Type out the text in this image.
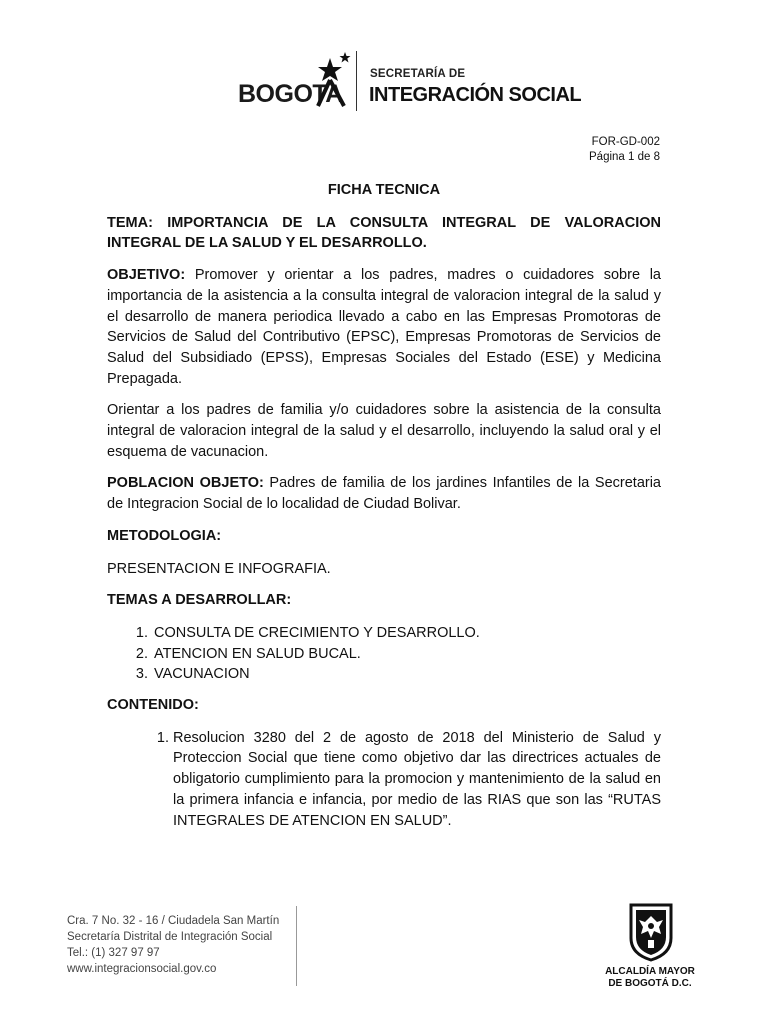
BOGOTA
SECRETARÍA DE
INTEGRACIÓN SOCIAL
FOR-GD-002
Página 1 de 8

FICHA TECNICA

TEMA: IMPORTANCIA DE LA CONSULTA INTEGRAL DE VALORACION INTEGRAL DE LA SALUD Y EL DESARROLLO.

OBJETIVO: Promover y orientar a los padres, madres o cuidadores sobre la importancia de la asistencia a la consulta integral de valoracion integral de la salud y el desarrollo de manera periodica llevado a cabo en las Empresas Promotoras de Servicios de Salud del Contributivo (EPSC), Empresas Promotoras de Servicios de Salud del Subsidiado (EPSS), Empresas Sociales del Estado (ESE) y Medicina Prepagada.

Orientar a los padres de familia y/o cuidadores sobre la asistencia de la consulta integral de valoracion integral de la salud y el desarrollo, incluyendo la salud oral y el esquema de vacunacion.

POBLACION OBJETO: Padres de familia de los jardines Infantiles de la Secretaria de Integracion Social de lo localidad de Ciudad Bolivar.

METODOLOGIA:

PRESENTACION E INFOGRAFIA.

TEMAS A DESARROLLAR:

1. CONSULTA DE CRECIMIENTO Y DESARROLLO.
2. ATENCION EN SALUD BUCAL.
3. VACUNACION

CONTENIDO:

1. Resolucion 3280 del 2 de agosto de 2018 del Ministerio de Salud y Proteccion Social que tiene como objetivo dar las directrices actuales de obligatorio cumplimiento para la promocion y mantenimiento de la salud en la primera infancia e infancia, por medio de las RIAS que son las “RUTAS INTEGRALES DE ATENCION EN SALUD”.
Cra. 7 No. 32 - 16 / Ciudadela San Martín
Secretaría Distrital de Integración Social
Tel.: (1) 327 97 97
www.integracionsocial.gov.co	ALCALDÍA MAYOR
DE BOGOTÁ D.C.
